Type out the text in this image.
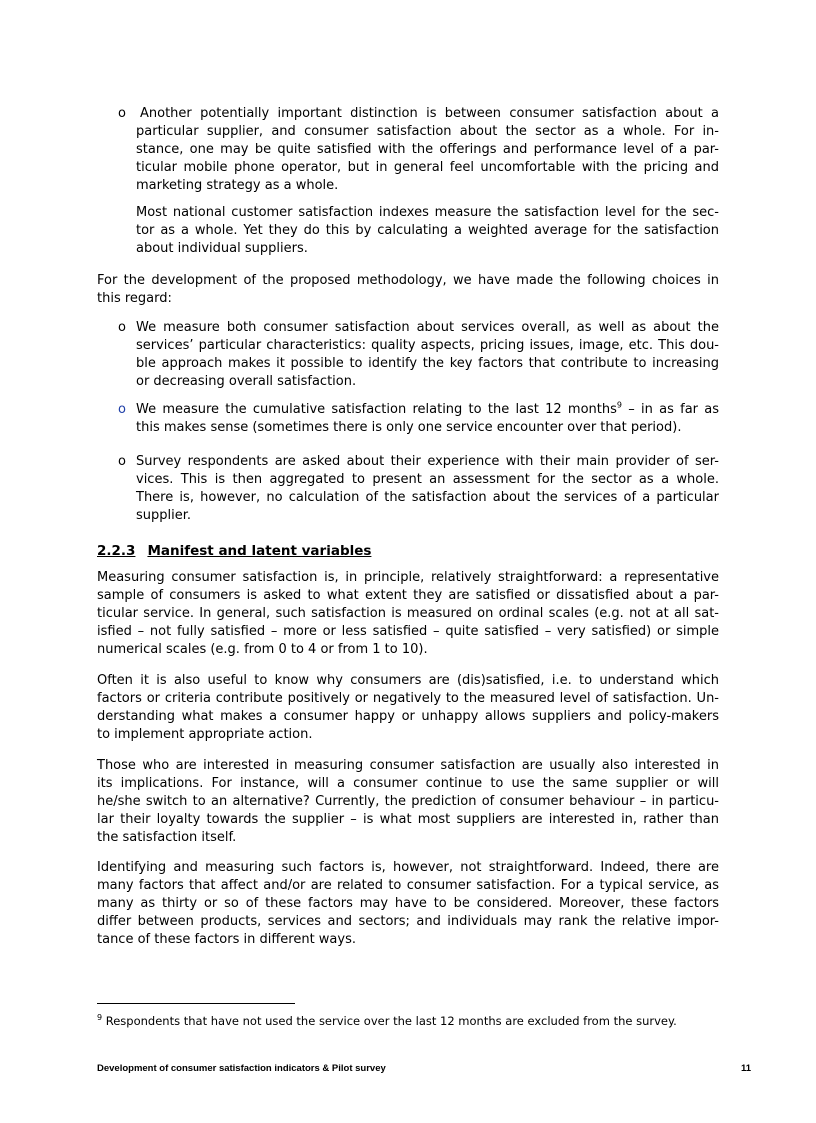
o	Another potentially important distinction is between consumer satisfaction about a
particular supplier, and consumer satisfaction about the sector as a whole. For in-
stance, one may be quite satisfied with the offerings and performance level of a par-
ticular mobile phone operator, but in general feel uncomfortable with the pricing and
marketing strategy as a whole.
Most national customer satisfaction indexes measure the satisfaction level for the sec-
tor as a whole. Yet they do this by calculating a weighted average for the satisfaction
about individual suppliers.
For the development of the proposed methodology, we have made the following choices in
this regard:
o We measure both consumer satisfaction about services overall, as well as about the
services’ particular characteristics: quality aspects, pricing issues, image, etc. This dou-
ble approach makes it possible to identify the key factors that contribute to increasing
or decreasing overall satisfaction.
o We measure the cumulative satisfaction relating to the last 12 months$^9$ – in as far as
this makes sense (sometimes there is only one service encounter over that period).
o Survey respondents are asked about their experience with their main provider of ser-
vices. This is then aggregated to present an assessment for the sector as a whole.
There is, however, no calculation of the satisfaction about the services of a particular
supplier.
2.2.3 Manifest and latent variables
Measuring consumer satisfaction is, in principle, relatively straightforward: a representative
sample of consumers is asked to what extent they are satisfied or dissatisfied about a par-
ticular service. In general, such satisfaction is measured on ordinal scales (e.g. not at all sat-
isfied – not fully satisfied – more or less satisfied – quite satisfied – very satisfied) or simple
numerical scales (e.g. from 0 to 4 or from 1 to 10).
Often it is also useful to know why consumers are (dis)satisfied, i.e. to understand which
factors or criteria contribute positively or negatively to the measured level of satisfaction. Un-
derstanding what makes a consumer happy or unhappy allows suppliers and policy-makers
to implement appropriate action.
Those who are interested in measuring consumer satisfaction are usually also interested in
its implications. For instance, will a consumer continue to use the same supplier or will
he/she switch to an alternative? Currently, the prediction of consumer behaviour – in particu-
lar their loyalty towards the supplier – is what most suppliers are interested in, rather than
the satisfaction itself.
Identifying and measuring such factors is, however, not straightforward. Indeed, there are
many factors that affect and/or are related to consumer satisfaction. For a typical service, as
many as thirty or so of these factors may have to be considered. Moreover, these factors
differ between products, services and sectors; and individuals may rank the relative impor-
tance of these factors in different ways.
$^9$ Respondents that have not used the service over the last 12 months are excluded from the survey.
Development of consumer satisfaction indicators & Pilot survey	11
